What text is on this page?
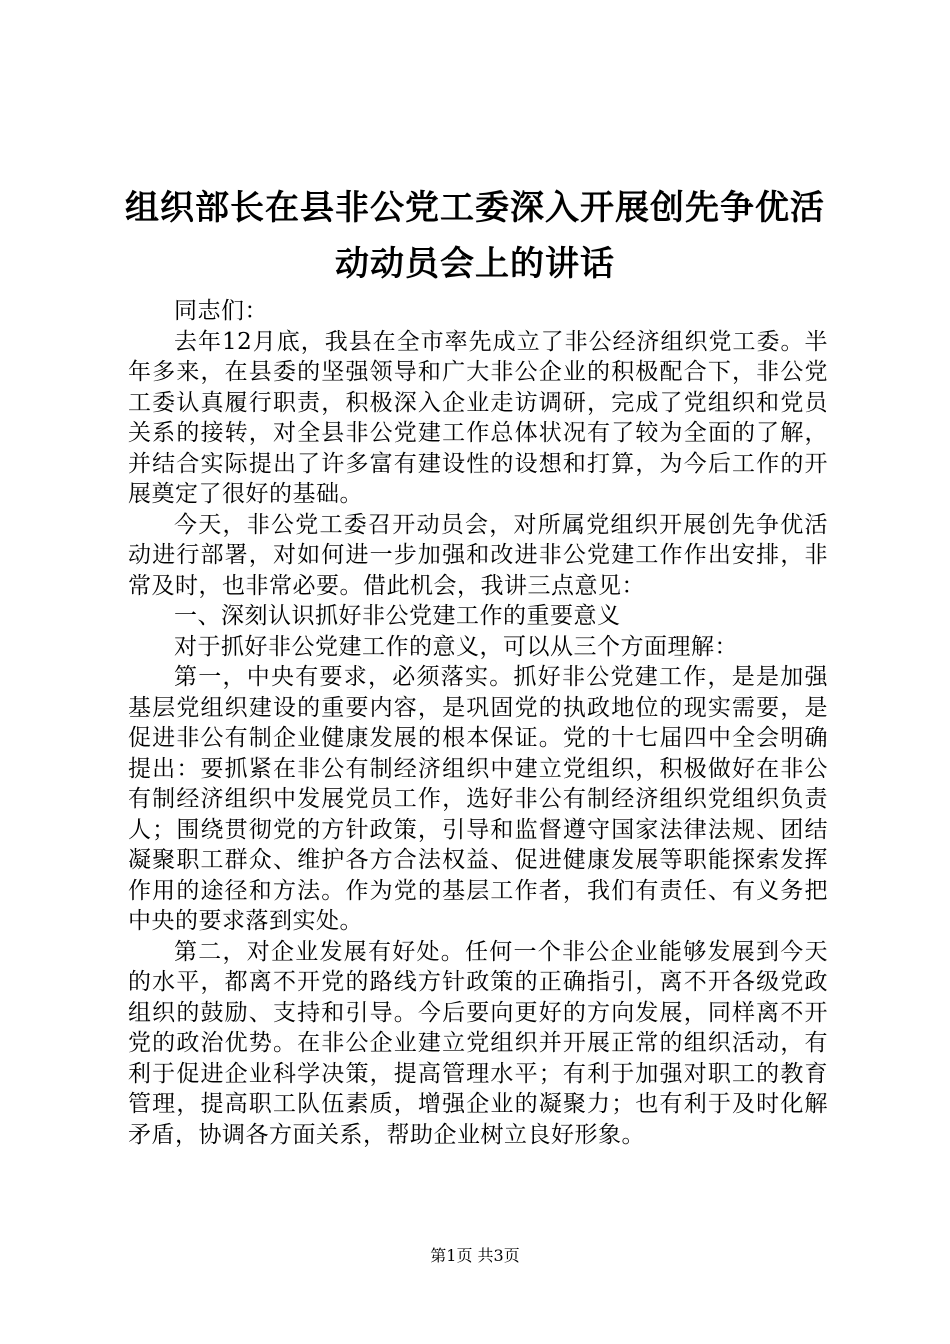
组织部长在县非公党工委深入开展创先争优活动动员会上的讲话

同志们：

去年12月底，我县在全市率先成立了非公经济组织党工委。半年多来，在县委的坚强领导和广大非公企业的积极配合下，非公党工委认真履行职责，积极深入企业走访调研，完成了党组织和党员关系的接转，对全县非公党建工作总体状况有了较为全面的了解，并结合实际提出了许多富有建设性的设想和打算，为今后工作的开展奠定了很好的基础。

今天，非公党工委召开动员会，对所属党组织开展创先争优活动进行部署，对如何进一步加强和改进非公党建工作作出安排，非常及时，也非常必要。借此机会，我讲三点意见：

一、深刻认识抓好非公党建工作的重要意义

对于抓好非公党建工作的意义，可以从三个方面理解：

第一，中央有要求，必须落实。抓好非公党建工作，是是加强基层党组织建设的重要内容，是巩固党的执政地位的现实需要，是促进非公有制企业健康发展的根本保证。党的十七届四中全会明确提出：要抓紧在非公有制经济组织中建立党组织，积极做好在非公有制经济组织中发展党员工作，选好非公有制经济组织党组织负责人；围绕贯彻党的方针政策，引导和监督遵守国家法律法规、团结凝聚职工群众、维护各方合法权益、促进健康发展等职能探索发挥作用的途径和方法。作为党的基层工作者，我们有责任、有义务把中央的要求落到实处。

第二，对企业发展有好处。任何一个非公企业能够发展到今天的水平，都离不开党的路线方针政策的正确指引，离不开各级党政组织的鼓励、支持和引导。今后要向更好的方向发展，同样离不开党的政治优势。在非公企业建立党组织并开展正常的组织活动，有利于促进企业科学决策，提高管理水平；有利于加强对职工的教育管理，提高职工队伍素质，增强企业的凝聚力；也有利于及时化解矛盾，协调各方面关系，帮助企业树立良好形象。

第1页 共3页
